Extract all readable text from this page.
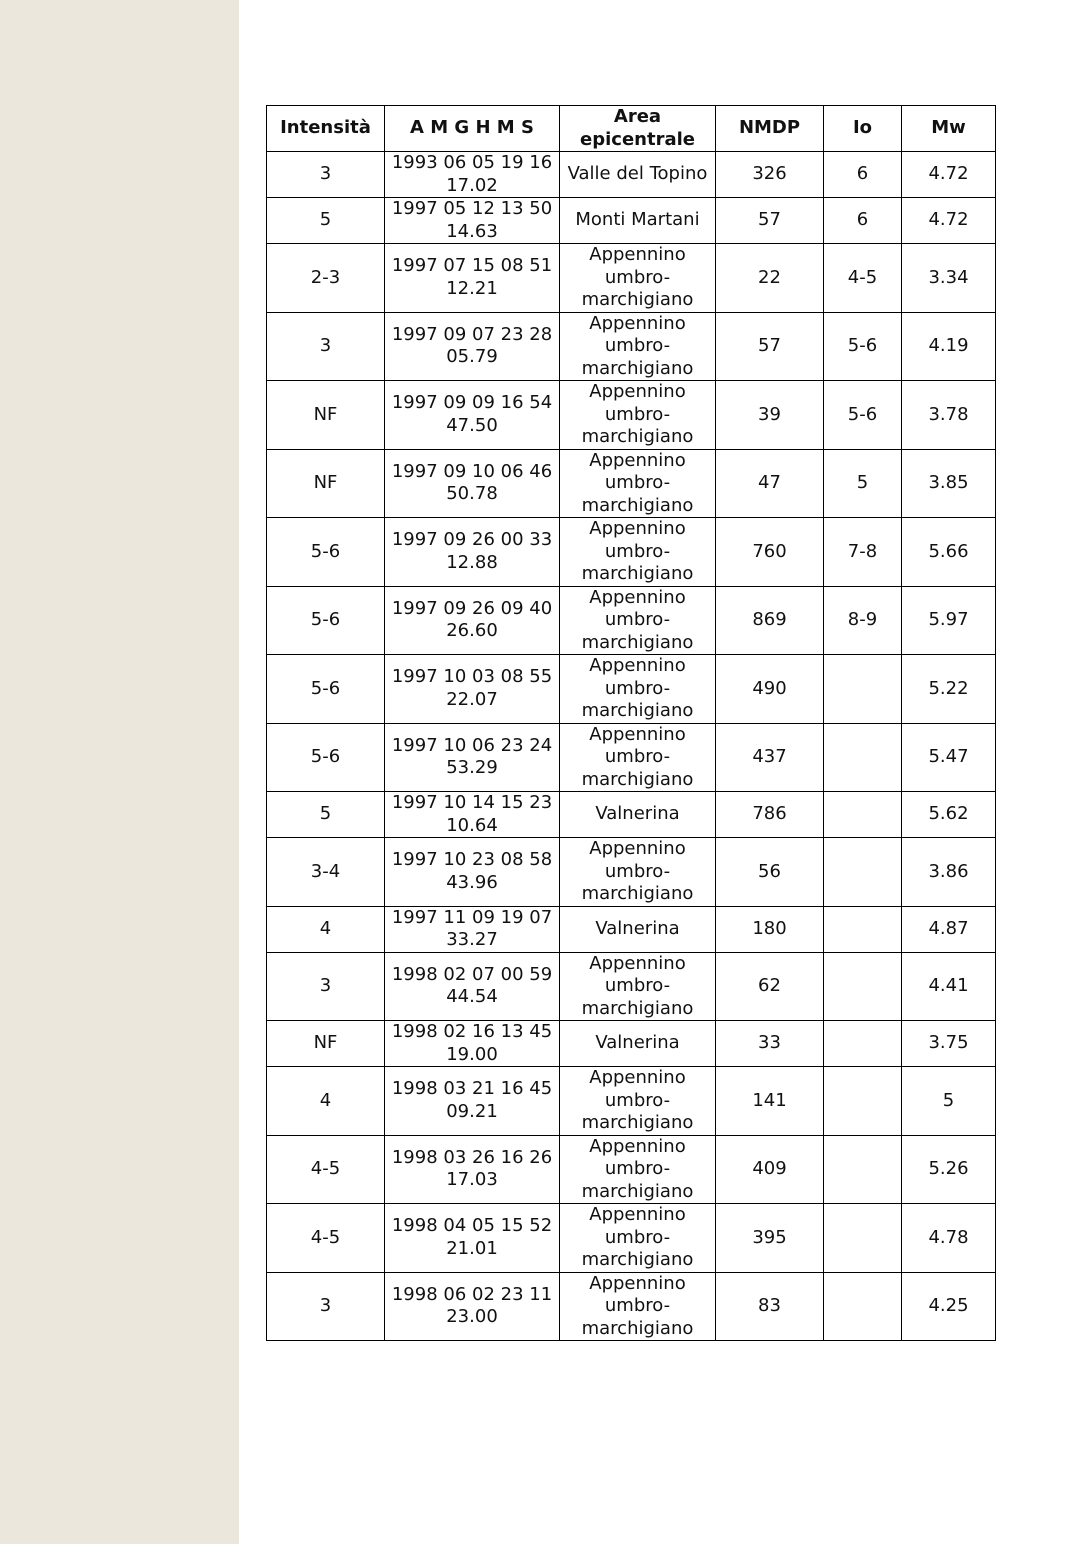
Intensità	A M G H M S	Area epicentrale	NMDP	Io	Mw
3	1993 06 05 19 16 17.02	Valle del Topino	326	6	4.72
5	1997 05 12 13 50 14.63	Monti Martani	57	6	4.72
2-3	1997 07 15 08 51 12.21	Appennino umbro-marchigiano	22	4-5	3.34
3	1997 09 07 23 28 05.79	Appennino umbro-marchigiano	57	5-6	4.19
NF	1997 09 09 16 54 47.50	Appennino umbro-marchigiano	39	5-6	3.78
NF	1997 09 10 06 46 50.78	Appennino umbro-marchigiano	47	5	3.85
5-6	1997 09 26 00 33 12.88	Appennino umbro-marchigiano	760	7-8	5.66
5-6	1997 09 26 09 40 26.60	Appennino umbro-marchigiano	869	8-9	5.97
5-6	1997 10 03 08 55 22.07	Appennino umbro-marchigiano	490		5.22
5-6	1997 10 06 23 24 53.29	Appennino umbro-marchigiano	437		5.47
5	1997 10 14 15 23 10.64	Valnerina	786		5.62
3-4	1997 10 23 08 58 43.96	Appennino umbro-marchigiano	56		3.86
4	1997 11 09 19 07 33.27	Valnerina	180		4.87
3	1998 02 07 00 59 44.54	Appennino umbro-marchigiano	62		4.41
NF	1998 02 16 13 45 19.00	Valnerina	33		3.75
4	1998 03 21 16 45 09.21	Appennino umbro-marchigiano	141		5
4-5	1998 03 26 16 26 17.03	Appennino umbro-marchigiano	409		5.26
4-5	1998 04 05 15 52 21.01	Appennino umbro-marchigiano	395		4.78
3	1998 06 02 23 11 23.00	Appennino umbro-marchigiano	83		4.25
